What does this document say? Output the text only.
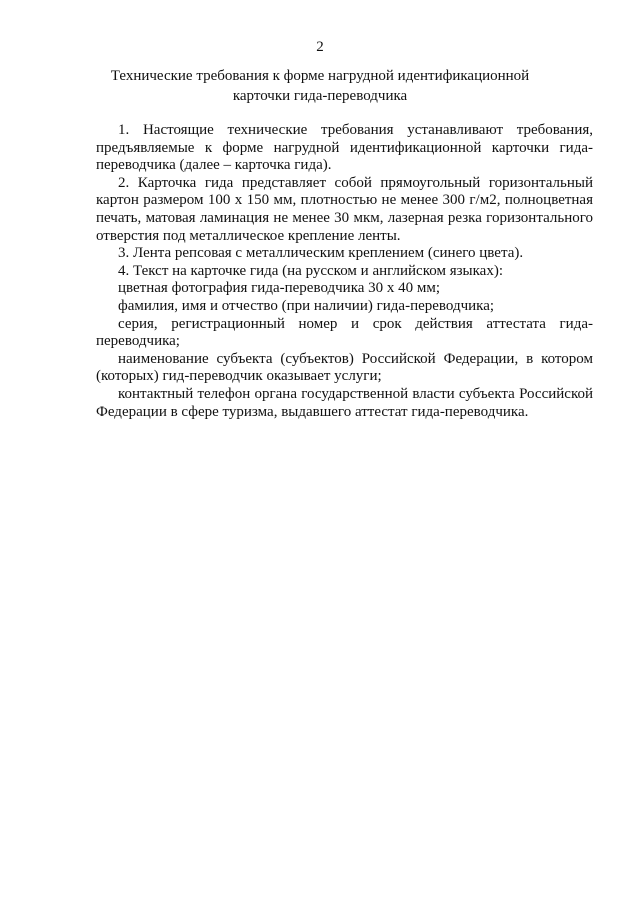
2
Технические требования к форме нагрудной идентификационной
карточки гида-переводчика

1. Настоящие технические требования устанавливают требования, предъявляемые к форме нагрудной идентификационной карточки гида-переводчика (далее – карточка гида).

2. Карточка гида представляет собой прямоугольный горизонтальный картон размером 100 х 150 мм, плотностью не менее 300 г/м2, полноцветная печать, матовая ламинация не менее 30 мкм, лазерная резка горизонтального отверстия под металлическое крепление ленты.

3. Лента репсовая с металлическим креплением (синего цвета).

4. Текст на карточке гида (на русском и английском языках):

цветная фотография гида-переводчика 30 х 40 мм;

фамилия, имя и отчество (при наличии) гида-переводчика;

серия, регистрационный номер и срок действия аттестата гида-переводчика;

наименование субъекта (субъектов) Российской Федерации, в котором (которых) гид-переводчик оказывает услуги;

контактный телефон органа государственной власти субъекта Российской Федерации в сфере туризма, выдавшего аттестат гида-переводчика.
